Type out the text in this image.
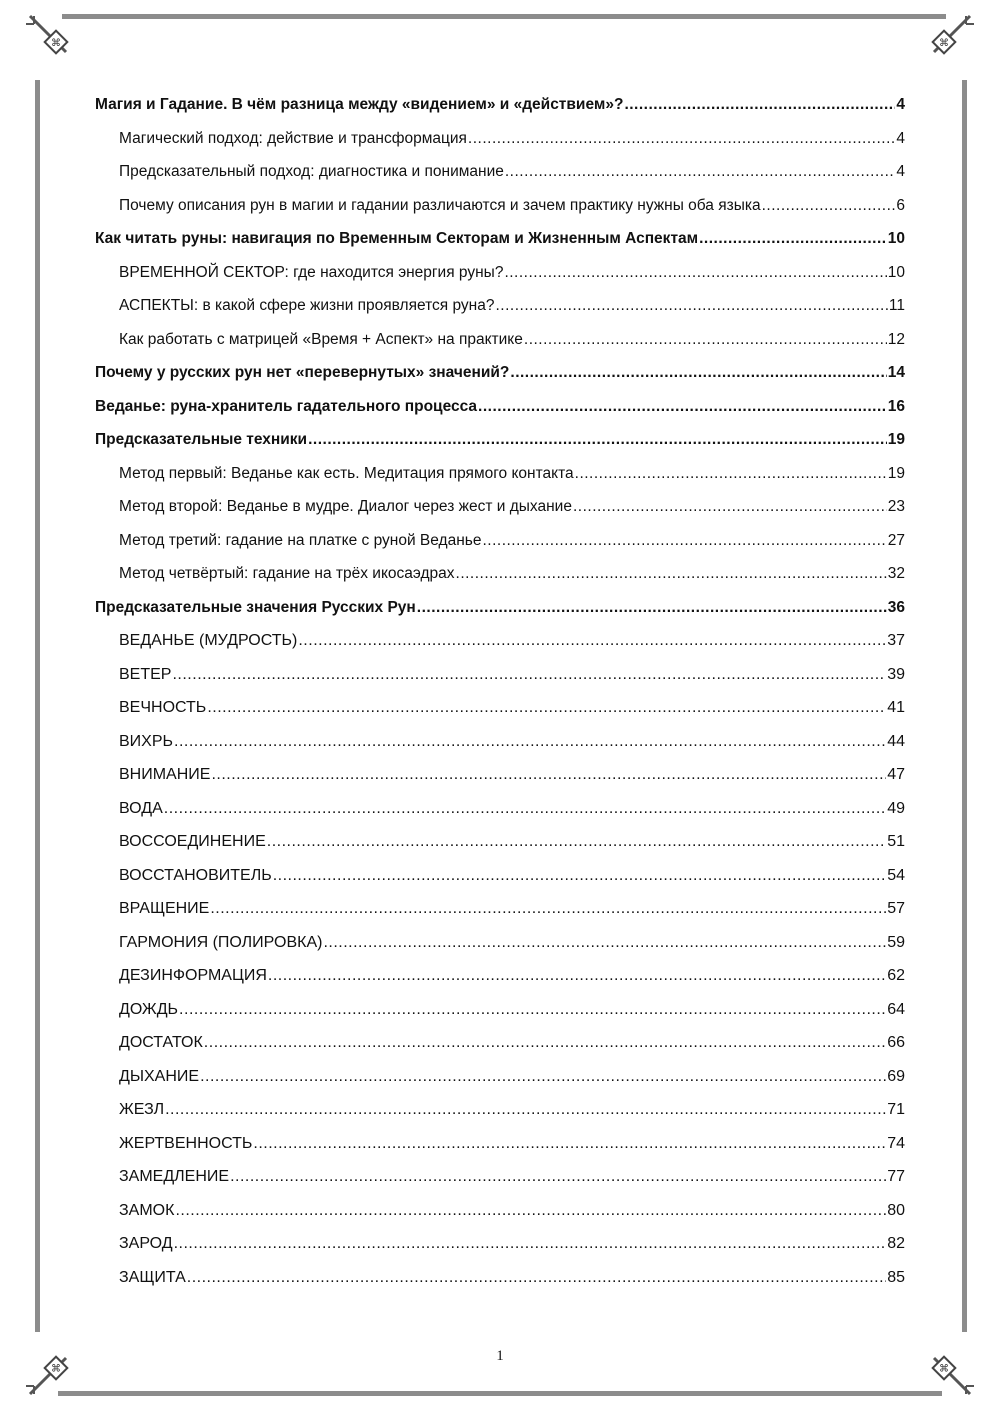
⌘	⌘
⌘	⌘
Магия и Гадание. В чём разница между «видением» и «действием»? .....	4
Магический подход: действие и трансформация .....	4
Предсказательный подход: диагностика и понимание .....	4
Почему описания рун в магии и гадании различаются и зачем практику нужны оба языка .....	6
Как читать руны: навигация по Временным Секторам и Жизненным Аспектам .....	10
ВРЕМЕННОЙ СЕКТОР: где находится энергия руны? .....	10
АСПЕКТЫ: в какой сфере жизни проявляется руна? .....	11
Как работать с матрицей «Время + Аспект» на практике .....	12
Почему у русских рун нет «перевернутых» значений? .....	14
Веданье: руна-хранитель гадательного процесса .....	16
Предсказательные техники .....	19
Метод первый: Веданье как есть. Медитация прямого контакта .....	19
Метод второй: Веданье в мудре. Диалог через жест и дыхание .....	23
Метод третий: гадание на платке с руной Веданье .....	27
Метод четвёртый: гадание на трёх икосаэдрах .....	32
Предсказательные значения Русских Рун .....	36
ВЕДАНЬЕ (МУДРОСТЬ) .....	37
ВЕТЕР .....	39
ВЕЧНОСТЬ .....	41
ВИХРЬ .....	44
ВНИМАНИЕ .....	47
ВОДА .....	49
ВОССОЕДИНЕНИЕ .....	51
ВОССТАНОВИТЕЛЬ .....	54
ВРАЩЕНИЕ .....	57
ГАРМОНИЯ (ПОЛИРОВКА) .....	59
ДЕЗИНФОРМАЦИЯ .....	62
ДОЖДЬ .....	64
ДОСТАТОК .....	66
ДЫХАНИЕ .....	69
ЖЕЗЛ .....	71
ЖЕРТВЕННОСТЬ .....	74
ЗАМЕДЛЕНИЕ .....	77
ЗАМОК .....	80
ЗАРОД .....	82
ЗАЩИТА .....	85
1
